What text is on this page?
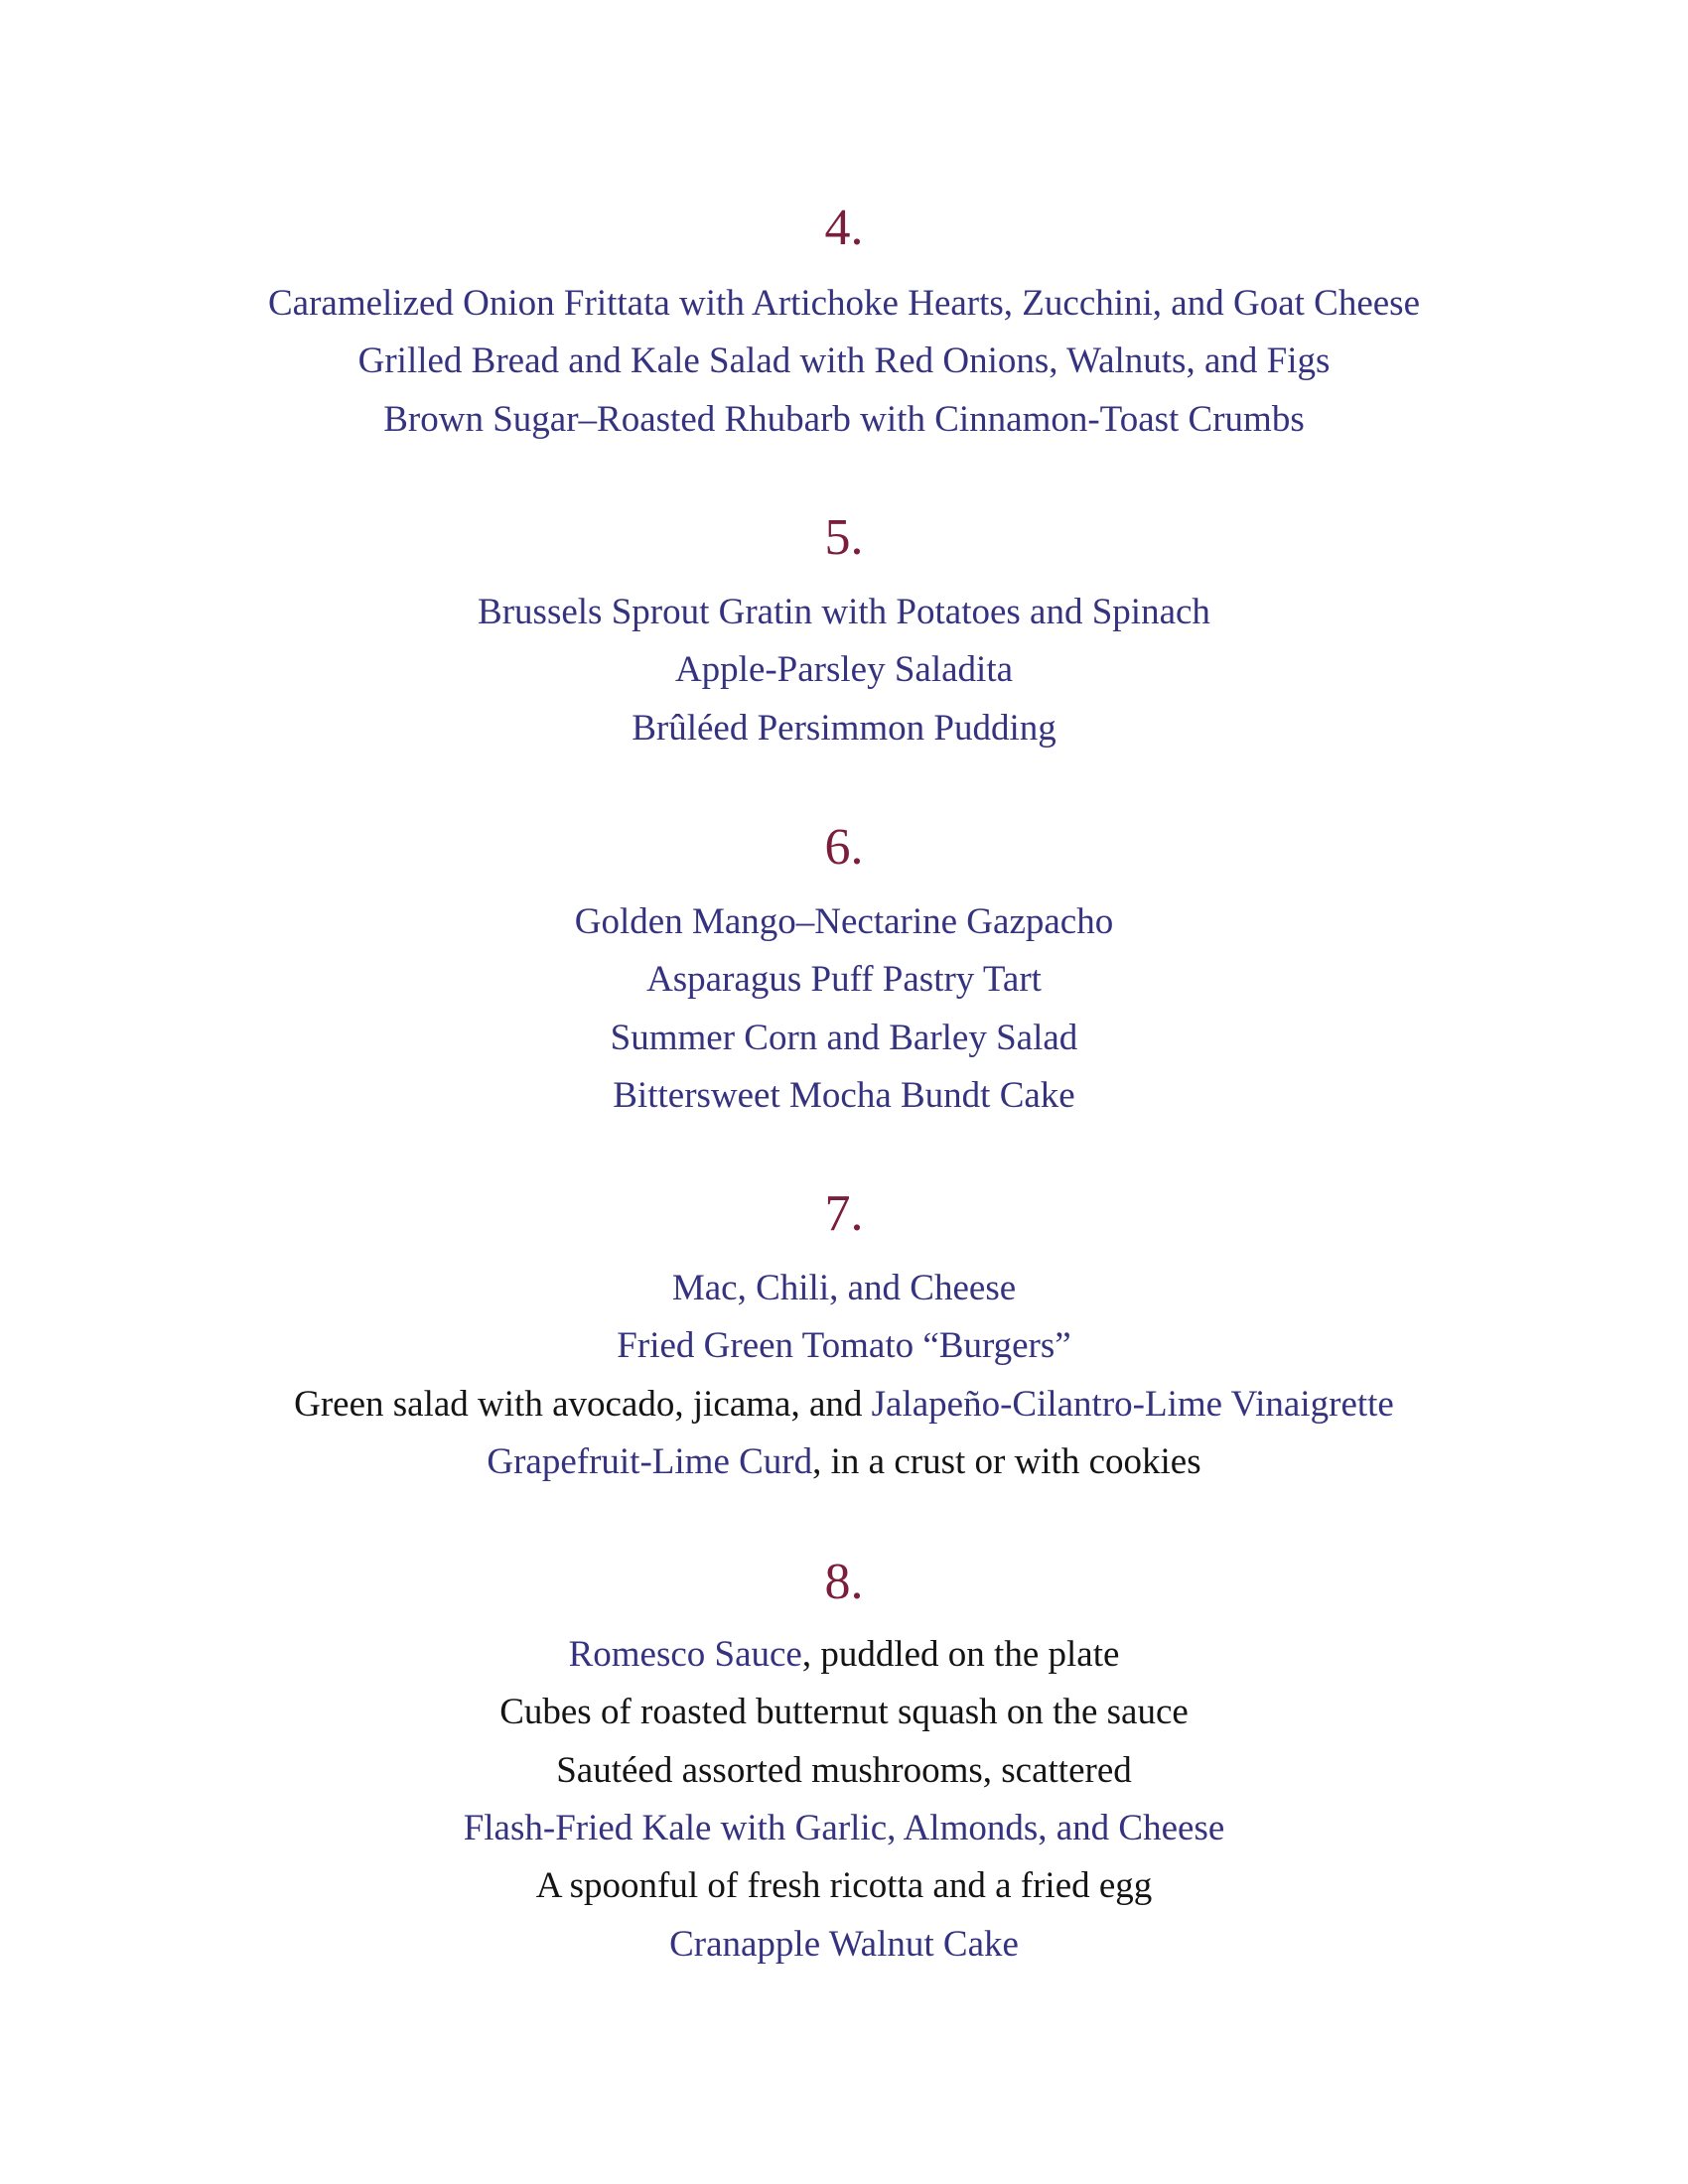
4.
Caramelized Onion Frittata with Artichoke Hearts, Zucchini, and Goat Cheese
Grilled Bread and Kale Salad with Red Onions, Walnuts, and Figs
Brown Sugar–Roasted Rhubarb with Cinnamon-Toast Crumbs
5.
Brussels Sprout Gratin with Potatoes and Spinach
Apple-Parsley Saladita
Brûléed Persimmon Pudding
6.
Golden Mango–Nectarine Gazpacho
Asparagus Puff Pastry Tart
Summer Corn and Barley Salad
Bittersweet Mocha Bundt Cake
7.
Mac, Chili, and Cheese
Fried Green Tomato “Burgers”
Green salad with avocado, jicama, and Jalapeño-Cilantro-Lime Vinaigrette
Grapefruit-Lime Curd, in a crust or with cookies
8.
Romesco Sauce, puddled on the plate
Cubes of roasted butternut squash on the sauce
Sautéed assorted mushrooms, scattered
Flash-Fried Kale with Garlic, Almonds, and Cheese
A spoonful of fresh ricotta and a fried egg
Cranapple Walnut Cake
